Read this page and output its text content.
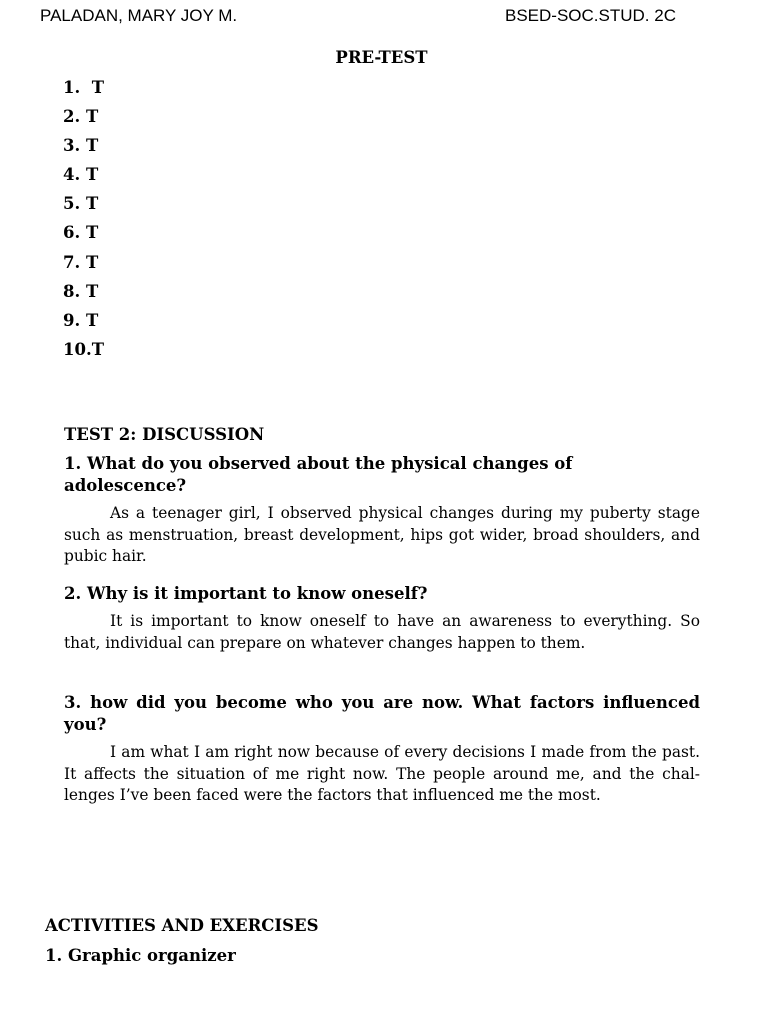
PALADAN, MARY JOY M.	BSED-SOC.STUD. 2C
PRE-TEST
1.  T
2. T
3. T
4. T
5. T
6. T
7. T
8. T
9. T
10.T

TEST 2: DISCUSSION

1. What do you observed about the physical changes of adolescence?

As a teenager girl, I observed physical changes during my puberty stage such as menstruation, breast development, hips got wider, broad shoulders, and pubic hair.

2. Why is it important to know oneself?

It is important to know oneself to have an awareness to everything. So that, individual can prepare on whatever changes happen to them.

3. how did you become who you are now. What factors influenced you?

I am what I am right now because of every decisions I made from the past. It affects the situation of me right now. The people around me, and the challenges I’ve been faced were the factors that influenced me the most.

ACTIVITIES AND EXERCISES

1. Graphic organizer
